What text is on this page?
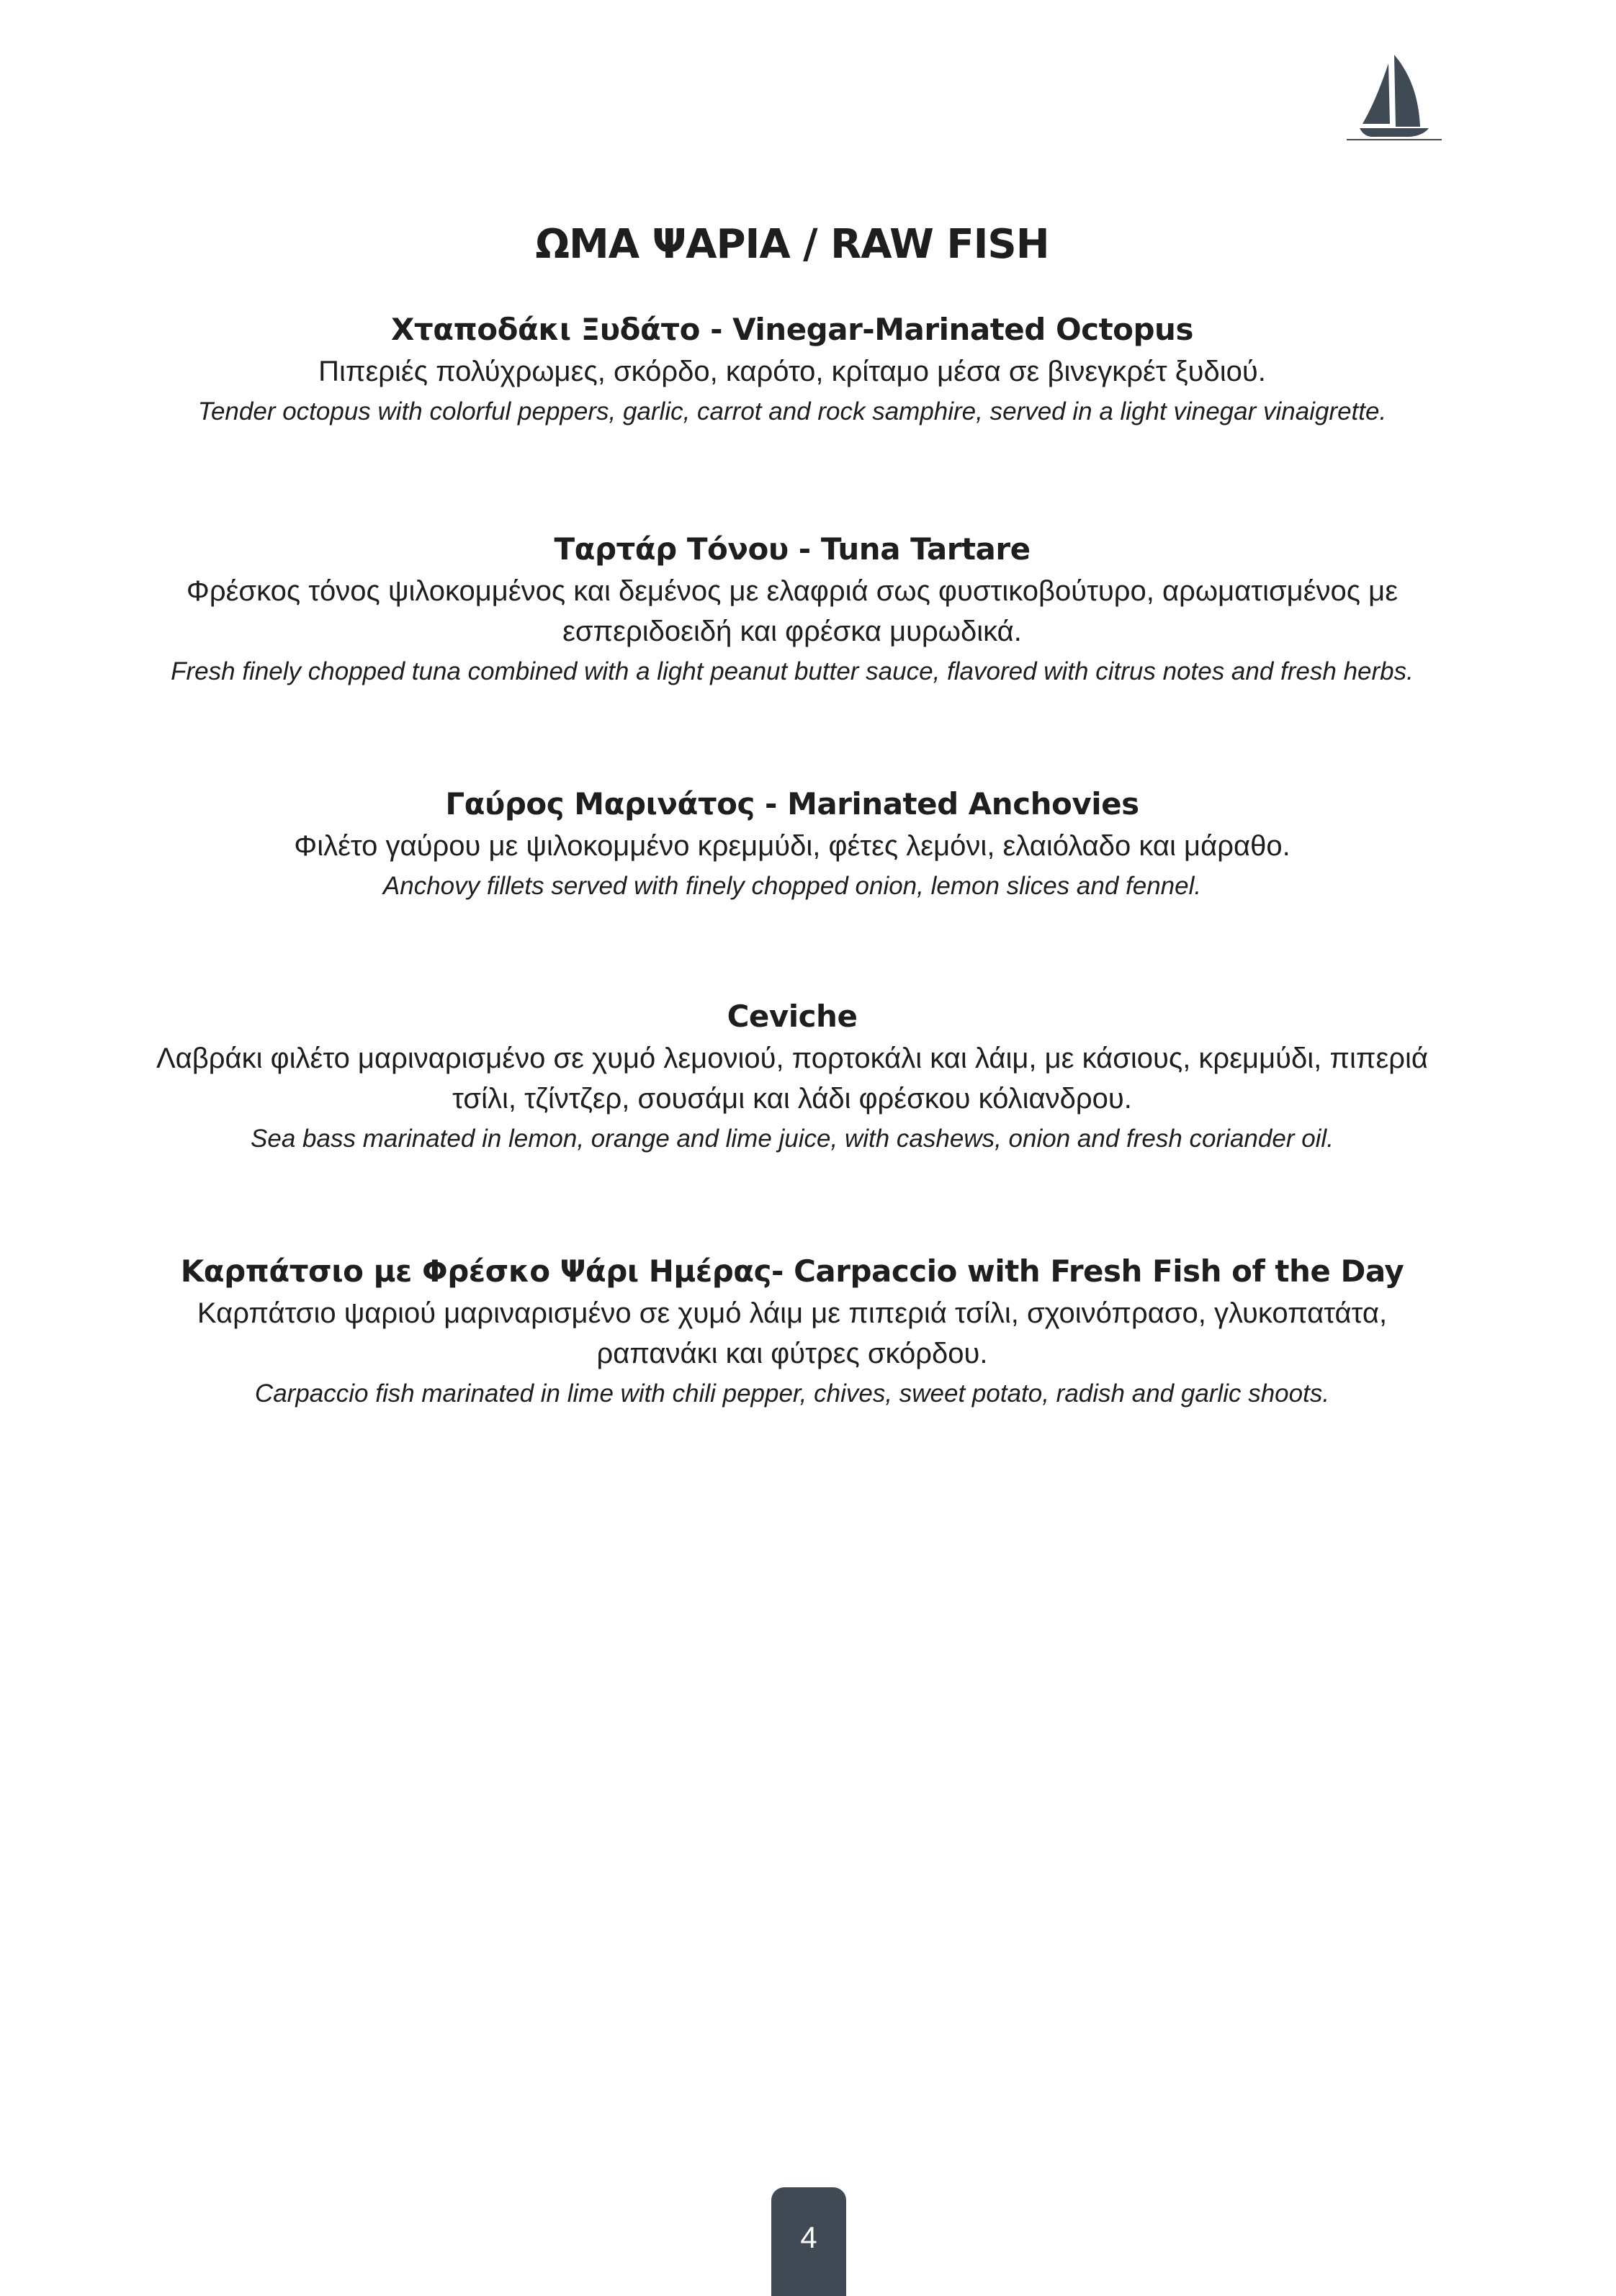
ΩΜΑ ΨΑΡΙΑ / RAW FISH
Χταποδάκι Ξυδάτο - Vinegar-Marinated Octopus

Πιπεριές πολύχρωμες, σκόρδο, καρότο, κρίταμο μέσα σε βινεγκρέτ ξυδιού.

Tender octopus with colorful peppers, garlic, carrot and rock samphire, served in a light vinegar vinaigrette.

Ταρτάρ Τόνου - Tuna Tartare

Φρέσκος τόνος ψιλοκομμένος και δεμένος με ελαφριά σως φυστικοβούτυρο, αρωματισμένος με εσπεριδοειδή και φρέσκα μυρωδικά.

Fresh finely chopped tuna combined with a light peanut butter sauce, flavored with citrus notes and fresh herbs.

Γαύρος Μαρινάτος - Marinated Anchovies

Φιλέτο γαύρου με ψιλοκομμένο κρεμμύδι, φέτες λεμόνι, ελαιόλαδο και μάραθο.

Anchovy fillets served with finely chopped onion, lemon slices and fennel.

Ceviche

Λαβράκι φιλέτο μαριναρισμένο σε χυμό λεμονιού, πορτοκάλι και λάιμ, με κάσιους, κρεμμύδι, πιπεριά τσίλι, τζίντζερ, σουσάμι και λάδι φρέσκου κόλιανδρου.

Sea bass marinated in lemon, orange and lime juice, with cashews, onion and fresh coriander oil.

Καρπάτσιο με Φρέσκο Ψάρι Ημέρας- Carpaccio with Fresh Fish of the Day

Καρπάτσιο ψαριού μαριναρισμένο σε χυμό λάιμ με πιπεριά τσίλι, σχοινόπρασο, γλυκοπατάτα, ραπανάκι και φύτρες σκόρδου.

Carpaccio fish marinated in lime with chili pepper, chives, sweet potato, radish and garlic shoots.

4
